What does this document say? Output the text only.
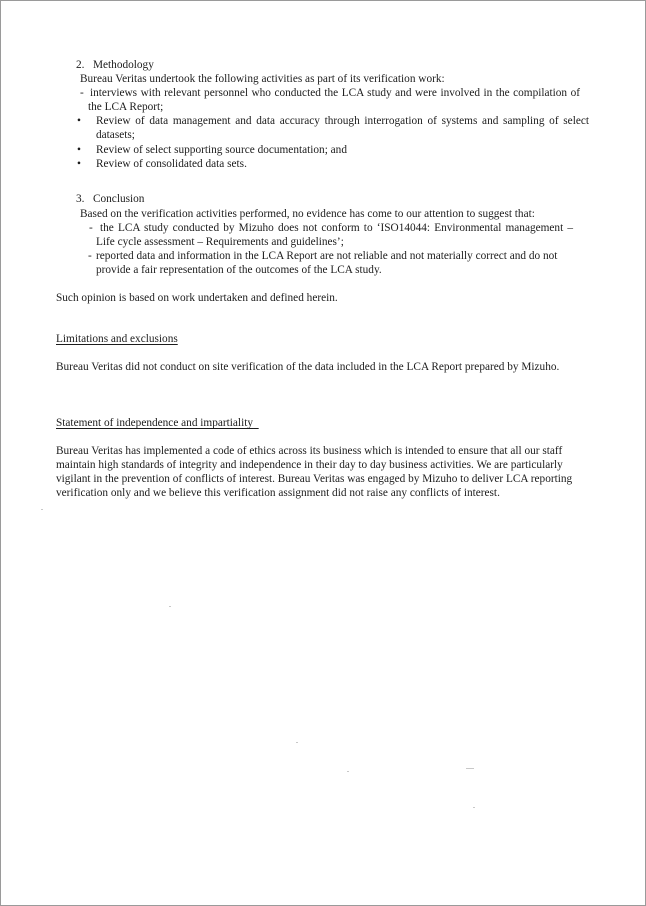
2. Methodology

Bureau Veritas undertook the following activities as part of its verification work:

- interviews with relevant personnel who conducted the LCA study and were involved in the compilation of the LCA Report;

• Review of data management and data accuracy through interrogation of systems and sampling of select datasets;

• Review of select supporting source documentation; and

• Review of consolidated data sets.

3. Conclusion

Based on the verification activities performed, no evidence has come to our attention to suggest that:

- the LCA study conducted by Mizuho does not conform to ‘ISO14044: Environmental management – Life cycle assessment – Requirements and guidelines’;

- reported data and information in the LCA Report are not reliable and not materially correct and do not provide a fair representation of the outcomes of the LCA study.

Such opinion is based on work undertaken and defined herein.

Limitations and exclusions

Bureau Veritas did not conduct on site verification of the data included in the LCA Report prepared by Mizuho.

Statement of independence and impartiality

Bureau Veritas has implemented a code of ethics across its business which is intended to ensure that all our staff maintain high standards of integrity and independence in their day to day business activities. We are particularly vigilant in the prevention of conflicts of interest. Bureau Veritas was engaged by Mizuho to deliver LCA reporting verification only and we believe this verification assignment did not raise any conflicts of interest.
